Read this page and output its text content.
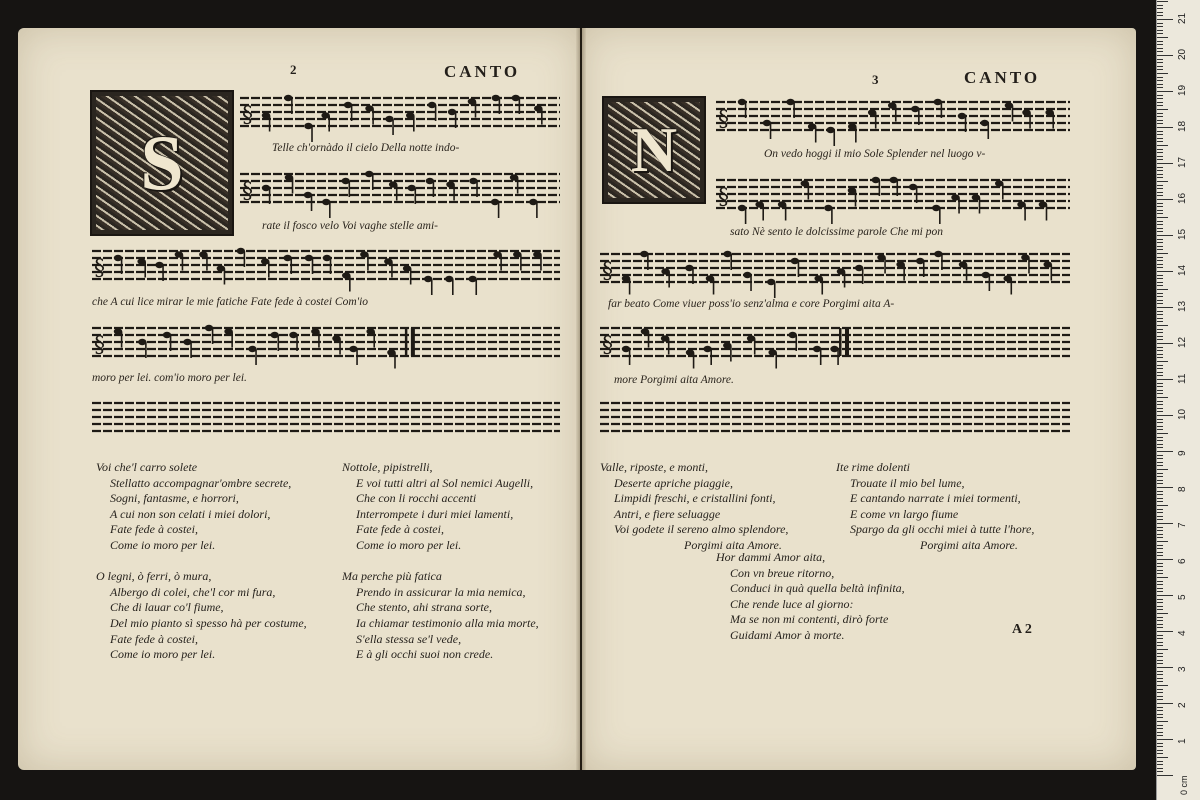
2	CANTO
S
§
Telle ch'ornàdo il cielo Della notte indo-
§
rate il fosco velo Voi vaghe stelle ami-
§
che A cui lice mirar le mie fatiche Fate fede à costei Com'io
§
moro per lei. com'io moro per lei.
Voi che'l carro solete
Stellatto accompagnar'ombre secrete,
Sogni, fantasme, e horrori,
A cui non son celati i miei dolori,
Fate fede à costei,
Come io moro per lei.

O legni, ò ferri, ò mura,
Albergo di colei, che'l cor mi fura,
Che di lauar co'l fiume,
Del mio pianto sì spesso hà per costume,
Fate fede à costei,
Come io moro per lei.
Nottole, pipistrelli,
E voi tutti altri al Sol nemici Augelli,
Che con li rocchi accenti
Interrompete i duri miei lamenti,
Fate fede à costei,
Come io moro per lei.

Ma perche più fatica
Prendo in assicurar la mia nemica,
Che stento, ahi strana sorte,
Ia chiamar testimonio alla mia morte,
S'ella stessa se'l vede,
E à gli occhi suoi non crede.
3	CANTO
N	§
On vedo hoggi il mio Sole Splender nel luogo v-
§
sato Nè sento le dolcissime parole Che mi pon
§
far beato Come viuer poss'io senz'alma e core Porgimi aita A-
§
more Porgimi aita Amore.
Valle, riposte, e monti,
Deserte apriche piaggie,
Limpidi freschi, e cristallini fonti,
Antri, e fiere seluagge
Voi godete il sereno almo splendore,
Porgimi aita Amore.
Ite rime dolenti
Trouate il mio bel lume,
E cantando narrate i miei tormenti,
E come vn largo fiume
Spargo da gli occhi miei à tutte l'hore,
Porgimi aita Amore.
Hor dammi Amor aita,
Con vn breue ritorno,
Conduci in quà quella beltà infinita,
Che rende luce al giorno:
Ma se non mi contenti, dirò forte
Guidami Amor à morte.	A 2
0 cm
1
2
3
4
5
6
7
8
9
10
11
12
13
14
15
16
17
18
19
20
21
